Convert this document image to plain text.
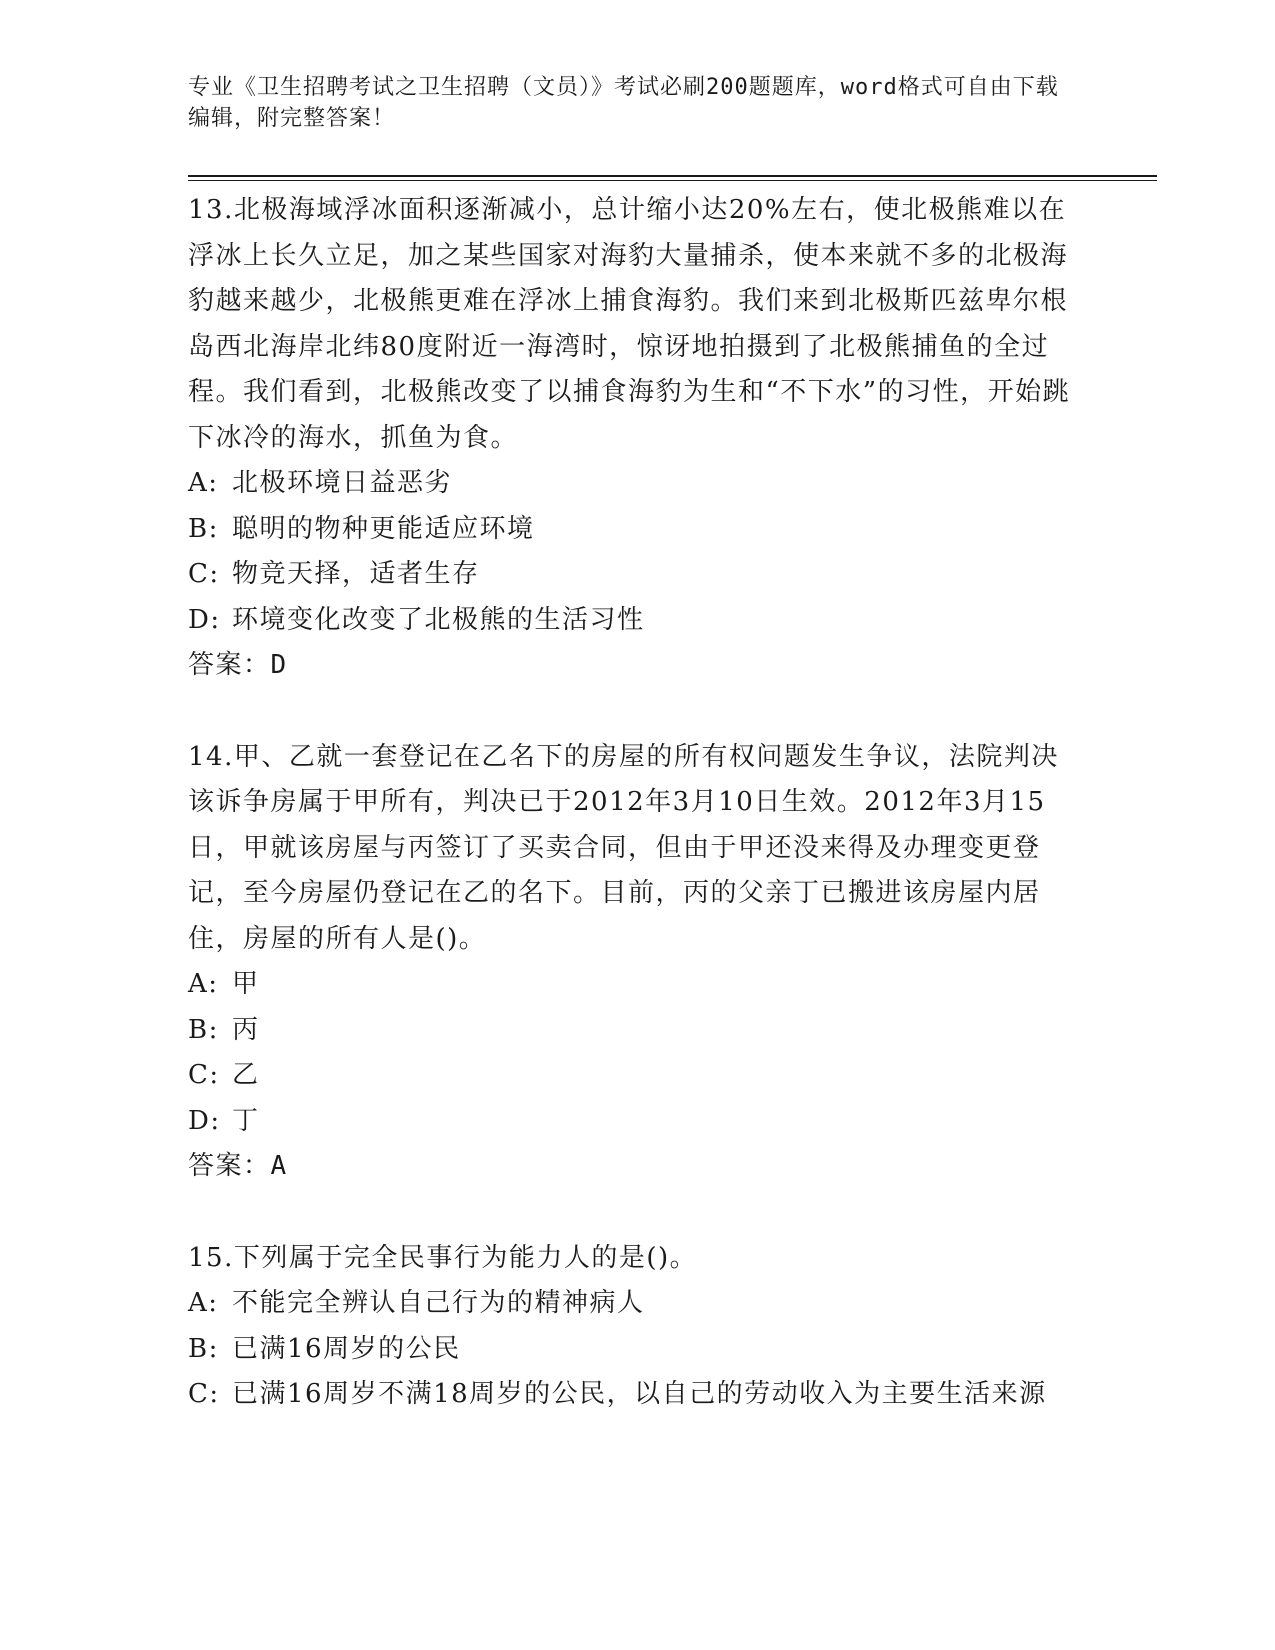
专业《卫生招聘考试之卫生招聘（文员）》考试必刷200题题库，word格式可自由下载编辑，附完整答案！

13.北极海域浮冰面积逐渐减小，总计缩小达20%左右，使北极熊难以在浮冰上长久立足，加之某些国家对海豹大量捕杀，使本来就不多的北极海豹越来越少，北极熊更难在浮冰上捕食海豹。我们来到北极斯匹兹卑尔根岛西北海岸北纬80度附近一海湾时，惊讶地拍摄到了北极熊捕鱼的全过程。我们看到，北极熊改变了以捕食海豹为生和“不下水”的习性，开始跳下冰冷的海水，抓鱼为食。

A: 北极环境日益恶劣

B: 聪明的物种更能适应环境

C: 物竞天择，适者生存

D: 环境变化改变了北极熊的生活习性

答案：D

14.甲、乙就一套登记在乙名下的房屋的所有权问题发生争议，法院判决该诉争房属于甲所有，判决已于2012年3月10日生效。2012年3月15日，甲就该房屋与丙签订了买卖合同，但由于甲还没来得及办理变更登记，至今房屋仍登记在乙的名下。目前，丙的父亲丁已搬进该房屋内居住，房屋的所有人是()。

A: 甲

B: 丙

C: 乙

D: 丁

答案：A

15.下列属于完全民事行为能力人的是()。

A: 不能完全辨认自己行为的精神病人

B: 已满16周岁的公民

C: 已满16周岁不满18周岁的公民，以自己的劳动收入为主要生活来源
